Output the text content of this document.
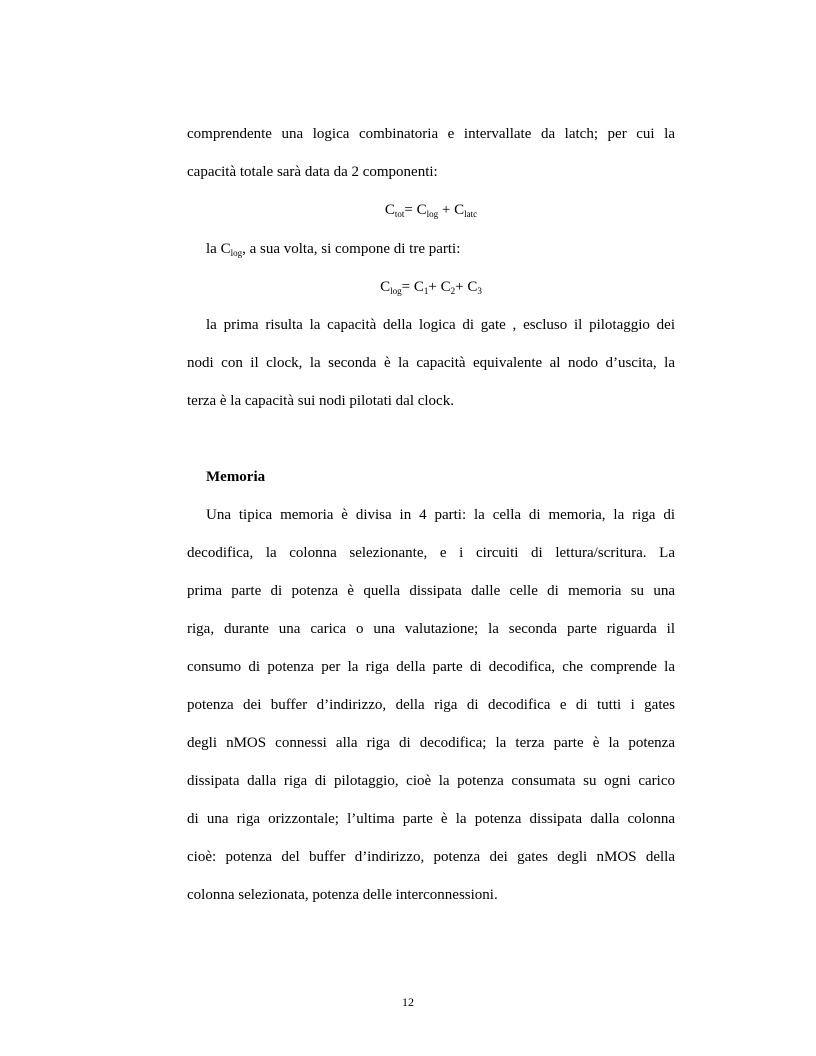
comprendente una logica combinatoria e intervallate da latch; per cui la
capacità totale sarà data da 2 componenti:
$C_{tot}= C_{log} + C_{latc}$
la $C_{log}$, a sua volta, si compone di tre parti:
$C_{log}= C_1+ C_2+ C_3$
la prima risulta la capacità della logica di gate , escluso il pilotaggio dei
nodi con il clock, la seconda è la capacità equivalente al nodo d’uscita, la
terza è la capacità sui nodi pilotati dal clock.
Memoria
Una tipica memoria è divisa in 4 parti: la cella di memoria, la riga di
decodifica, la colonna selezionante, e i circuiti di lettura/scritura. La
prima parte di potenza è quella dissipata dalle celle di memoria su una
riga, durante una carica o una valutazione; la seconda parte riguarda il
consumo di potenza per la riga della parte di decodifica, che comprende la
potenza dei buffer d’indirizzo, della riga di decodifica e di tutti i gates
degli nMOS connessi alla riga di decodifica; la terza parte è la potenza
dissipata dalla riga di pilotaggio, cioè la potenza consumata su ogni carico
di una riga orizzontale; l’ultima parte è la potenza dissipata dalla colonna
cioè: potenza del buffer d’indirizzo, potenza dei gates degli nMOS della
colonna selezionata, potenza delle interconnessioni.
12
